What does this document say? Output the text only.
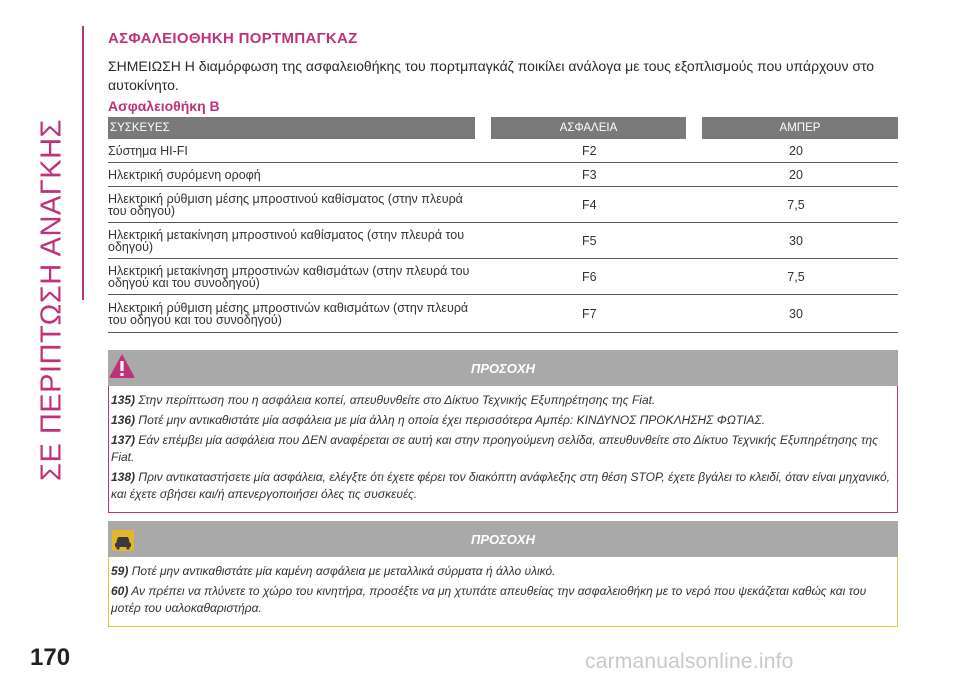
ΣΕ ΠΕΡΙΠΤΩΣΗ ΑΝΑΓΚΗΣ
ΑΣΦΑΛΕΙΟΘΗΚΗ ΠΟΡΤΜΠΑΓΚΑΖ
ΣΗΜΕΙΩΣΗ Η διαμόρφωση της ασφαλειοθήκης του πορτμπαγκάζ ποικίλει ανάλογα με τους εξοπλισμούς που υπάρχουν στο αυτοκίνητο.
Ασφαλειοθήκη B
ΣΥΣΚΕΥΕΣ	ΑΣΦΑΛΕΙΑ	ΑΜΠΕΡ
Σύστημα HI-FI	F2	20
Ηλεκτρική συρόμενη οροφή	F3	20
Ηλεκτρική ρύθμιση μέσης μπροστινού καθίσματος (στην πλευρά του οδηγού)	F4	7,5
Ηλεκτρική μετακίνηση μπροστινού καθίσματος (στην πλευρά του οδηγού)	F5	30
Ηλεκτρική μετακίνηση μπροστινών καθισμάτων (στην πλευρά του οδηγού και του συνοδηγού)	F6	7,5
Ηλεκτρική ρύθμιση μέσης μπροστινών καθισμάτων (στην πλευρά του οδηγού και του συνοδηγού)	F7	30
ΠΡΟΣΟΧΗ

135) Στην περίπτωση που η ασφάλεια κοπεί, απευθυνθείτε στο Δίκτυο Τεχνικής Εξυπηρέτησης της Fiat.

136) Ποτέ μην αντικαθιστάτε μία ασφάλεια με μία άλλη η οποία έχει περισσότερα Αμπέρ: ΚΙΝΔΥΝΟΣ ΠΡΟΚΛΗΣΗΣ ΦΩΤΙΑΣ.

137) Εάν επέμβει μία ασφάλεια που ΔΕΝ αναφέρεται σε αυτή και στην προηγούμενη σελίδα, απευθυνθείτε στο Δίκτυο Τεχνικής Εξυπηρέτησης της Fiat.

138) Πριν αντικαταστήσετε μία ασφάλεια, ελέγξτε ότι έχετε φέρει τον διακόπτη ανάφλεξης στη θέση STOP, έχετε βγάλει το κλειδί, όταν είναι μηχανικό, και έχετε σβήσει και/ή απενεργοποιήσει όλες τις συσκευές.

ΠΡΟΣΟΧΗ

59) Ποτέ μην αντικαθιστάτε μία καμένη ασφάλεια με μεταλλικά σύρματα ή άλλο υλικό.

60) Αν πρέπει να πλύνετε το χώρο του κινητήρα, προσέξτε να μη χτυπάτε απευθείας την ασφαλειοθήκη με το νερό που ψεκάζεται καθώς και του μοτέρ του υαλοκαθαριστήρα.

170	carmanualsonline.info
